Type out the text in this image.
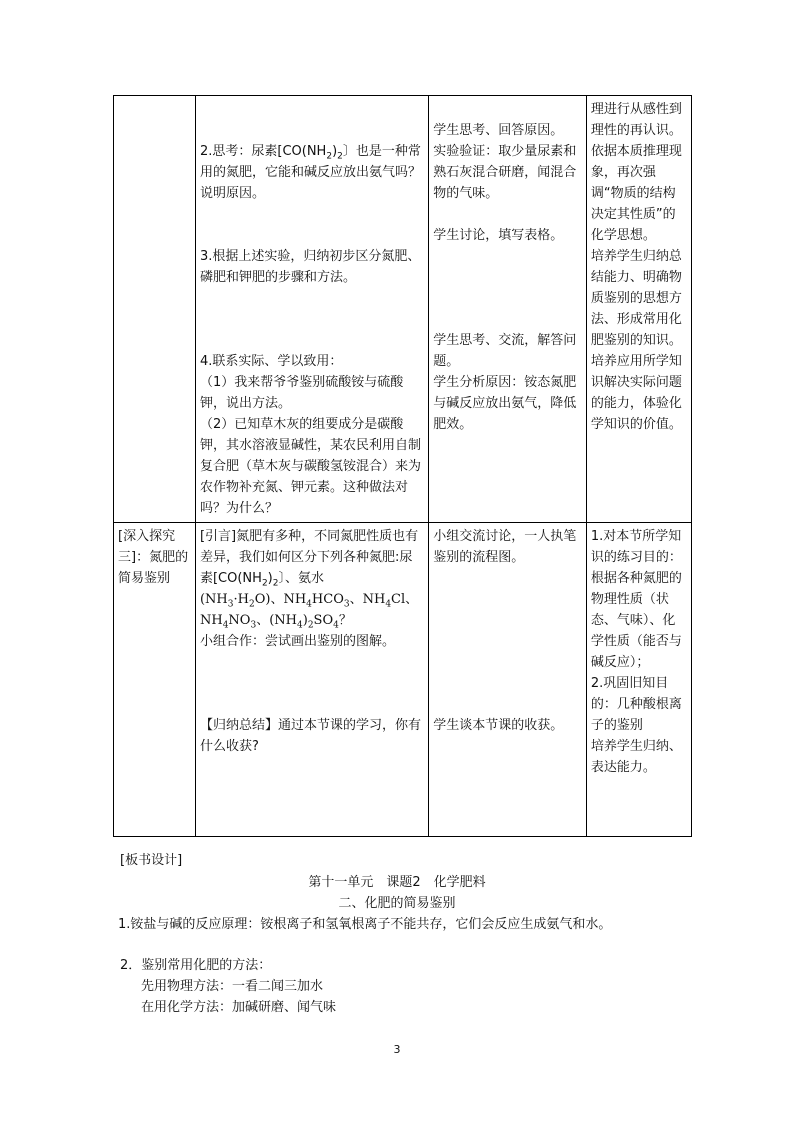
	2.思考：尿素[$CO(NH_2)_2$〕也是一种常用的氮肥，它能和碱反应放出氨气吗？说明原因。
3.根据上述实验，归纳初步区分氮肥、磷肥和钾肥的步骤和方法。
4.联系实际、学以致用：
（1）我来帮爷爷鉴别硫酸铵与硫酸钾，说出方法。
（2）已知草木灰的组要成分是碳酸钾，其水溶液显碱性，某农民利用自制复合肥（草木灰与碳酸氢铵混合）来为农作物补充氮、钾元素。这种做法对吗？为什么？	学生思考、回答原因。
实验验证：取少量尿素和熟石灰混合研磨，闻混合物的气味。
学生讨论，填写表格。
学生思考、交流，解答问题。
学生分析原因：铵态氮肥与碱反应放出氨气，降低肥效。	理进行从感性到理性的再认识。
依据本质推理现象，再次强调“物质的结构决定其性质”的化学思想。
培养学生归纳总结能力、明确物质鉴别的思想方法、形成常用化肥鉴别的知识。
培养应用所学知识解决实际问题的能力，体验化学知识的价值。

[深入探究三]：氮肥的简易鉴别	[引言]氮肥有多种，不同氮肥性质也有差异，我们如何区分下列各种氮肥:尿素[$CO(NH_2)_2$〕、氨水
$(NH_3\cdot H_2O)$、$NH_4HCO_3$、$NH_4Cl$、
$NH_4NO_3$、$(NH_4)_2SO_4$？
小组合作：尝试画出鉴别的图解。
【归纳总结】通过本节课的学习，你有什么收获?	小组交流讨论，一人执笔鉴别的流程图。
学生谈本节课的收获。	1.对本节所学知识的练习目的：根据各种氮肥的物理性质（状态、气味）、化学性质（能否与碱反应）；
2.巩固旧知目的：几种酸根离子的鉴别
培养学生归纳、表达能力。
[板书设计]
第十一单元　课题2　化学肥料
二、化肥的简易鉴别
1.铵盐与碱的反应原理：铵根离子和氢氧根离子不能共存，它们会反应生成氨气和水。
2．鉴别常用化肥的方法：
先用物理方法：一看二闻三加水
在用化学方法：加碱研磨、闻气味
3
